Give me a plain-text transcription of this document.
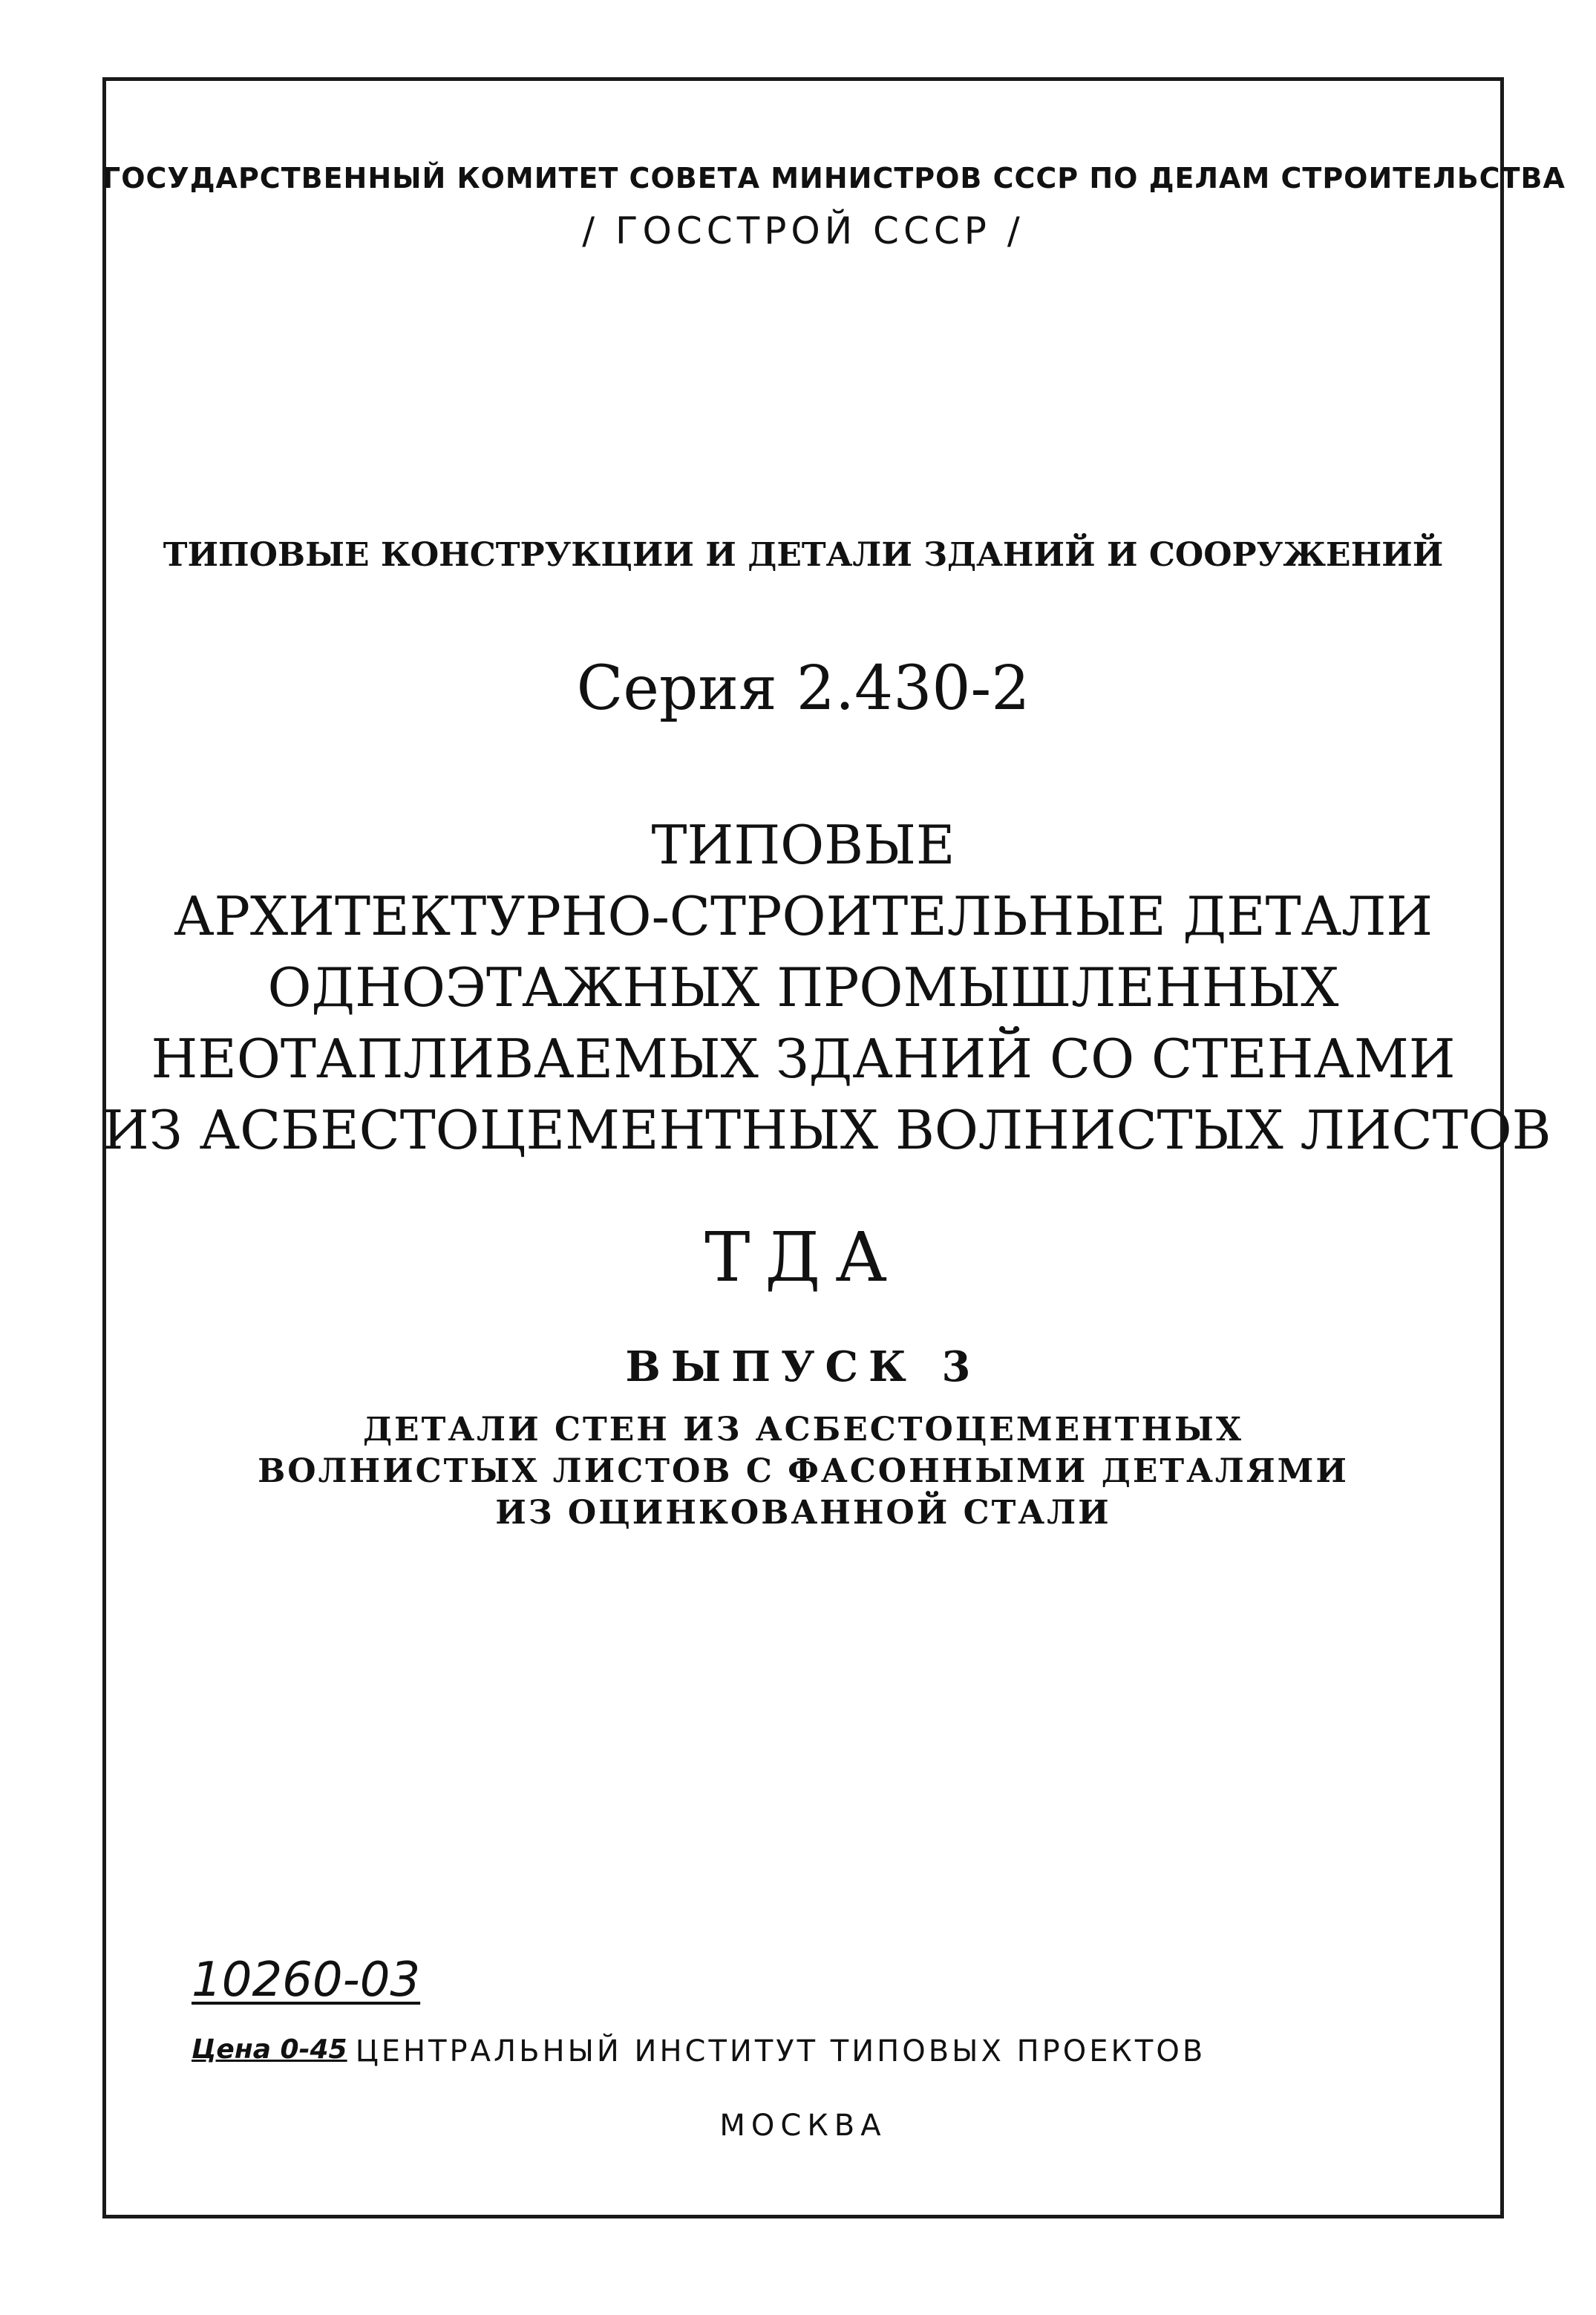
ГОСУДАРСТВЕННЫЙ КОМИТЕТ СОВЕТА МИНИСТРОВ СССР ПО ДЕЛАМ СТРОИТЕЛЬСТВА
/ ГОССТРОЙ СССР /
ТИПОВЫЕ КОНСТРУКЦИИ И ДЕТАЛИ ЗДАНИЙ И СООРУЖЕНИЙ
Серия 2.430-2
ТИПОВЫЕ
АРХИТЕКТУРНО-СТРОИТЕЛЬНЫЕ ДЕТАЛИ
ОДНОЭТАЖНЫХ ПРОМЫШЛЕННЫХ
НЕОТАПЛИВАЕМЫХ ЗДАНИЙ СО СТЕНАМИ
ИЗ АСБЕСТОЦЕМЕНТНЫХ ВОЛНИСТЫХ ЛИСТОВ
ТДА
ВЫПУСК 3
ДЕТАЛИ СТЕН ИЗ АСБЕСТОЦЕМЕНТНЫХ
ВОЛНИСТЫХ ЛИСТОВ С ФАСОННЫМИ ДЕТАЛЯМИ
ИЗ ОЦИНКОВАННОЙ СТАЛИ
10260-03
Цена 0-45 ЦЕНТРАЛЬНЫЙ ИНСТИТУТ ТИПОВЫХ ПРОЕКТОВ
МОСКВА
